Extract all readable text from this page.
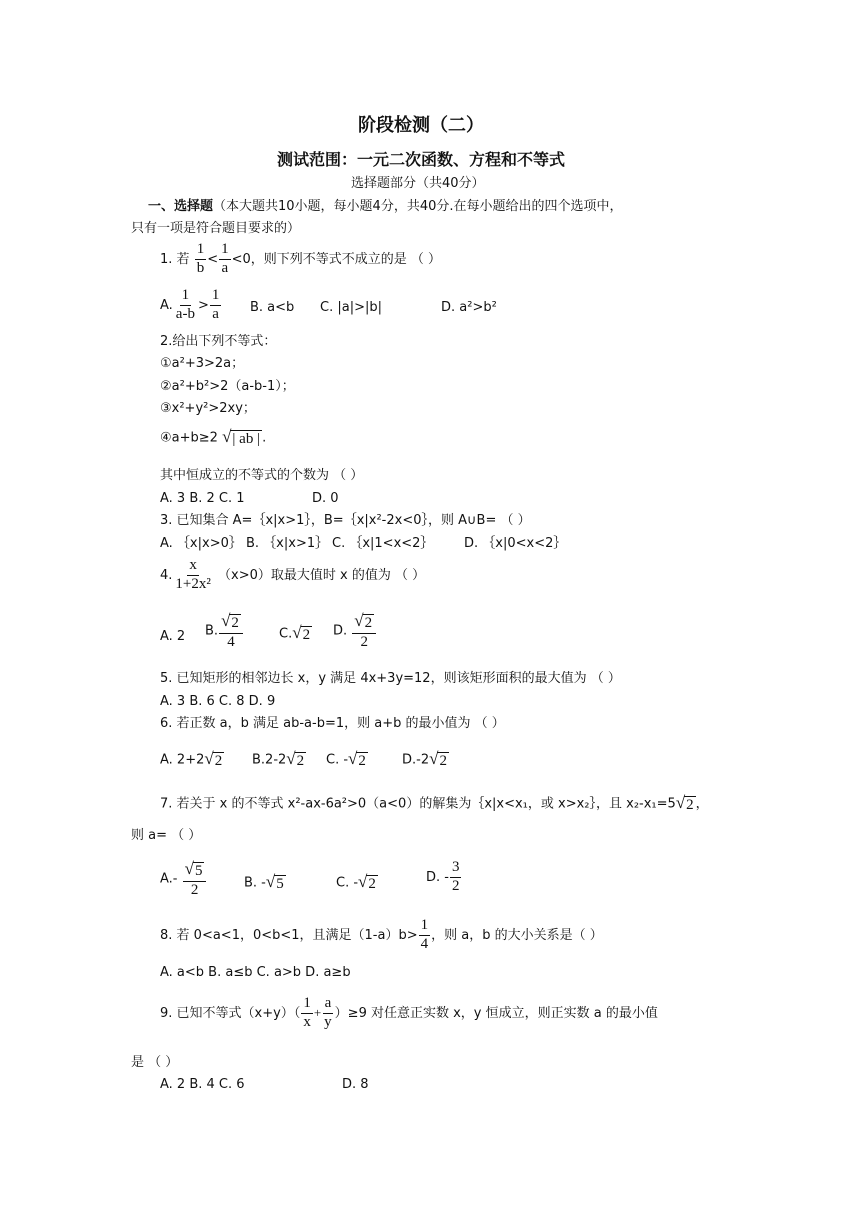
阶段检测（二）
测试范围：一元二次函数、方程和不等式
选择题部分（共40分）
一、选择题（本大题共10小题，每小题4分，共40分.在每小题给出的四个选项中，
只有一项是符合题目要求的）
1. 若 $\frac{1}{b} < \frac{1}{a} <0$，则下列不等式不成立的是 （ ）
A. $\frac{1}{a-b} > \frac{1}{a} B$. a<b C. |a|>|b|	D. a²>b²
2.给出下列不等式：
①a²+3>2a；
②a²+b²>2（a-b-1）；
③x²+y²>2xy；
④a+b≥2 √ | ab | .
其中恒成立的不等式的个数为 （ ）
A. 3 B. 2 C. 1	D. 0
3. 已知集合 A=｛x|x>1｝，B=｛x|x²-2x<0｝，则 A∪B= （ ）
A. ｛x|x>0｝ B. ｛x|x>1｝ C. ｛x|1<x<2｝ D. ｛x|0<x<2｝
4. $\frac{x}{\text{1+2x²}} (x>0)$取最大值时 x 的值为 （ ）
A. 2 B. $\frac{√ 2}{4}$	C. √ 2 D. $\frac{√ 2}{2}$
5. 已知矩形的相邻边长 x，y 满足 4x+3y=12，则该矩形面积的最大值为 （ ）
A. 3 B. 6 C. 8 D. 9
6. 若正数 a，b 满足 ab-a-b=1，则 a+b 的最小值为 （ ）
A. 2+2 √ 2 B.2-2 √ 2 C. - √ 2	D.-2 √ 2
7. 若关于 x 的不等式 x²-ax-6a²>0（a<0）的解集为｛x|x<x₁，或 x>x₂｝，且 x₂-x₁=5 √ 2 ，
则 a= （ ）
$A.- \frac{√ 5}{2}$	B. - √ 5	C. - √ 2	D. - $\frac{3}{2}$
8. 若 0<a<1，0<b<1，且满足$(1-a)b> \frac{1}{4}$ ，则 a，b 的大小关系是（ ）
A. a<b B. a≤b C. a>b D. a≥b
9. 已知不等式$(x+y)( \frac{1}{x} + \frac{a}{y} )\ge 9$ 对任意正实数 x，y 恒成立，则正实数 a 的最小值
是 （ ）
A. 2 B. 4 C. 6	D. 8
